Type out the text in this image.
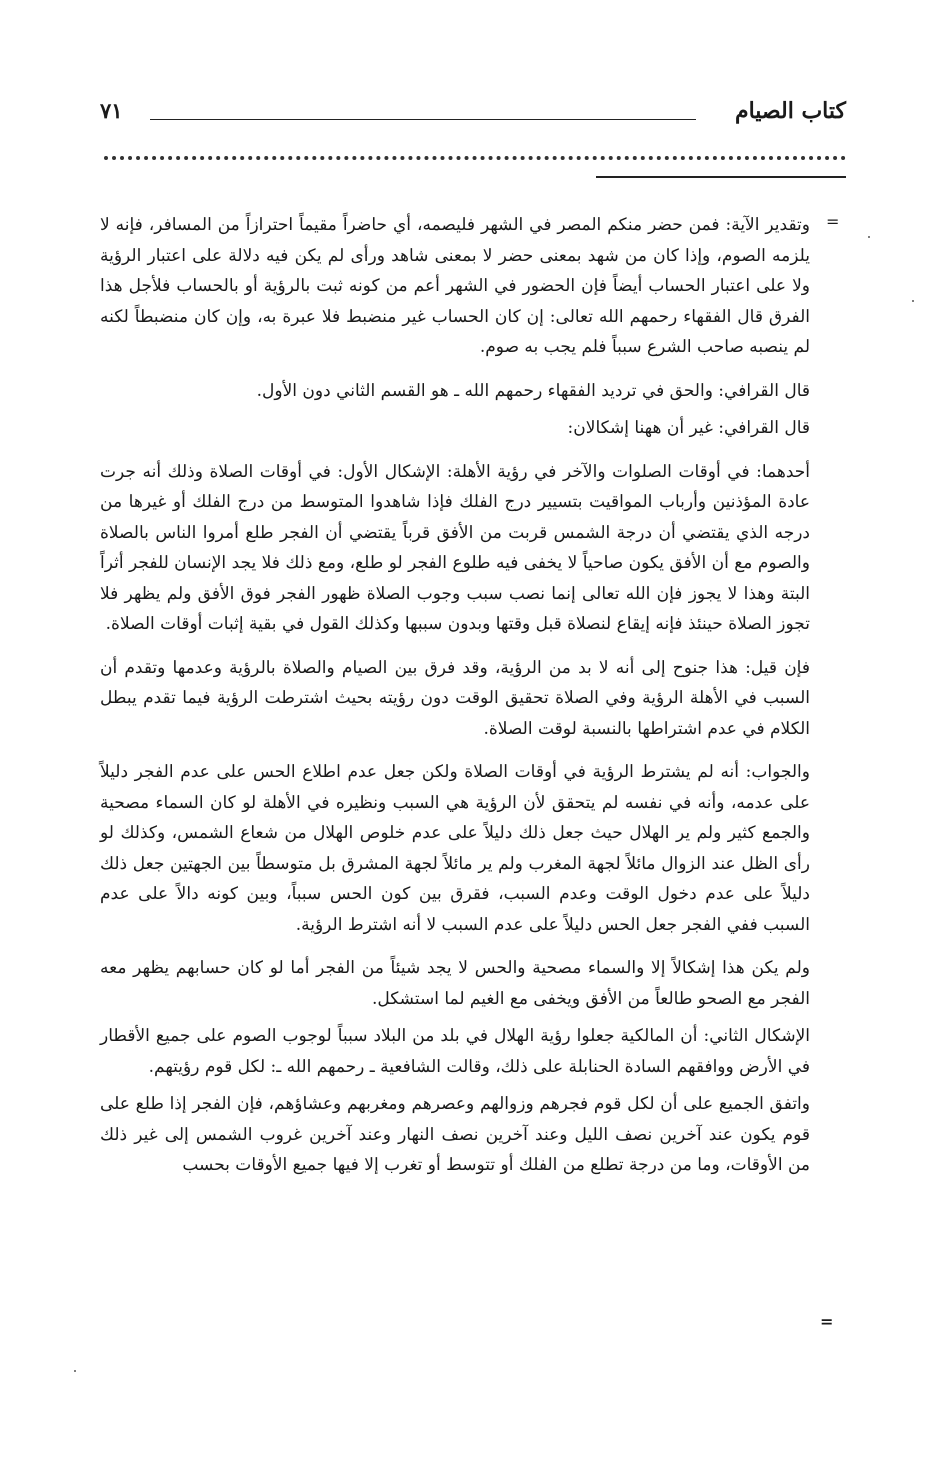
كتاب الصيام
٧١
=

وتقدير الآية: فمن حضر منكم المصر في الشهر فليصمه، أي حاضراً مقيماً احترازاً من المسافر، فإنه لا يلزمه الصوم، وإذا كان من شهد بمعنى حضر لا بمعنى شاهد ورأى لم يكن فيه دلالة على اعتبار الرؤية ولا على اعتبار الحساب أيضاً فإن الحضور في الشهر أعم من كونه ثبت بالرؤية أو بالحساب فلأجل هذا الفرق قال الفقهاء رحمهم الله تعالى: إن كان الحساب غير منضبط فلا عبرة به، وإن كان منضبطاً لكنه لم ينصبه صاحب الشرع سبباً فلم يجب به صوم.

قال القرافي: والحق في ترديد الفقهاء رحمهم الله ـ هو القسم الثاني دون الأول.

قال القرافي: غير أن ههنا إشكالان:

أحدهما: في أوقات الصلوات والآخر في رؤية الأهلة: الإشكال الأول: في أوقات الصلاة وذلك أنه جرت عادة المؤذنين وأرباب المواقيت بتسيير درج الفلك فإذا شاهدوا المتوسط من درج الفلك أو غيرها من درجه الذي يقتضي أن درجة الشمس قربت من الأفق قرباً يقتضي أن الفجر طلع أمروا الناس بالصلاة والصوم مع أن الأفق يكون صاحياً لا يخفى فيه طلوع الفجر لو طلع، ومع ذلك فلا يجد الإنسان للفجر أثراً البتة وهذا لا يجوز فإن الله تعالى إنما نصب سبب وجوب الصلاة ظهور الفجر فوق الأفق ولم يظهر فلا تجوز الصلاة حينئذ فإنه إيقاع لنصلاة قبل وقتها وبدون سببها وكذلك القول في بقية إثبات أوقات الصلاة.

فإن قيل: هذا جنوح إلى أنه لا بد من الرؤية، وقد فرق بين الصيام والصلاة بالرؤية وعدمها وتقدم أن السبب في الأهلة الرؤية وفي الصلاة تحقيق الوقت دون رؤيته بحيث اشترطت الرؤية فيما تقدم يبطل الكلام في عدم اشتراطها بالنسبة لوقت الصلاة.

والجواب: أنه لم يشترط الرؤية في أوقات الصلاة ولكن جعل عدم اطلاع الحس على عدم الفجر دليلاً على عدمه، وأنه في نفسه لم يتحقق لأن الرؤية هي السبب ونظيره في الأهلة لو كان السماء مصحية والجمع كثير ولم ير الهلال حيث جعل ذلك دليلاً على عدم خلوص الهلال من شعاع الشمس، وكذلك لو رأى الظل عند الزوال مائلاً لجهة المغرب ولم ير مائلاً لجهة المشرق بل متوسطاً بين الجهتين جعل ذلك دليلاً على عدم دخول الوقت وعدم السبب، فقرق بين كون الحس سبباً، وبين كونه دالاً على عدم السبب ففي الفجر جعل الحس دليلاً على عدم السبب لا أنه اشترط الرؤية.

ولم يكن هذا إشكالاً إلا والسماء مصحية والحس لا يجد شيئاً من الفجر أما لو كان حسابهم يظهر معه الفجر مع الصحو طالعاً من الأفق ويخفى مع الغيم لما استشكل.

الإشكال الثاني: أن المالكية جعلوا رؤية الهلال في بلد من البلاد سبباً لوجوب الصوم على جميع الأقطار في الأرض ووافقهم السادة الحنابلة على ذلك، وقالت الشافعية ـ رحمهم الله ـ: لكل قوم رؤيتهم.

واتفق الجميع على أن لكل قوم فجرهم وزوالهم وعصرهم ومغربهم وعشاؤهم، فإن الفجر إذا طلع على قوم يكون عند آخرين نصف الليل وعند آخرين نصف النهار وعند آخرين غروب الشمس إلى غير ذلك من الأوقات، وما من درجة تطلع من الفلك أو تتوسط أو تغرب إلا فيها جميع الأوقات بحسب

=
